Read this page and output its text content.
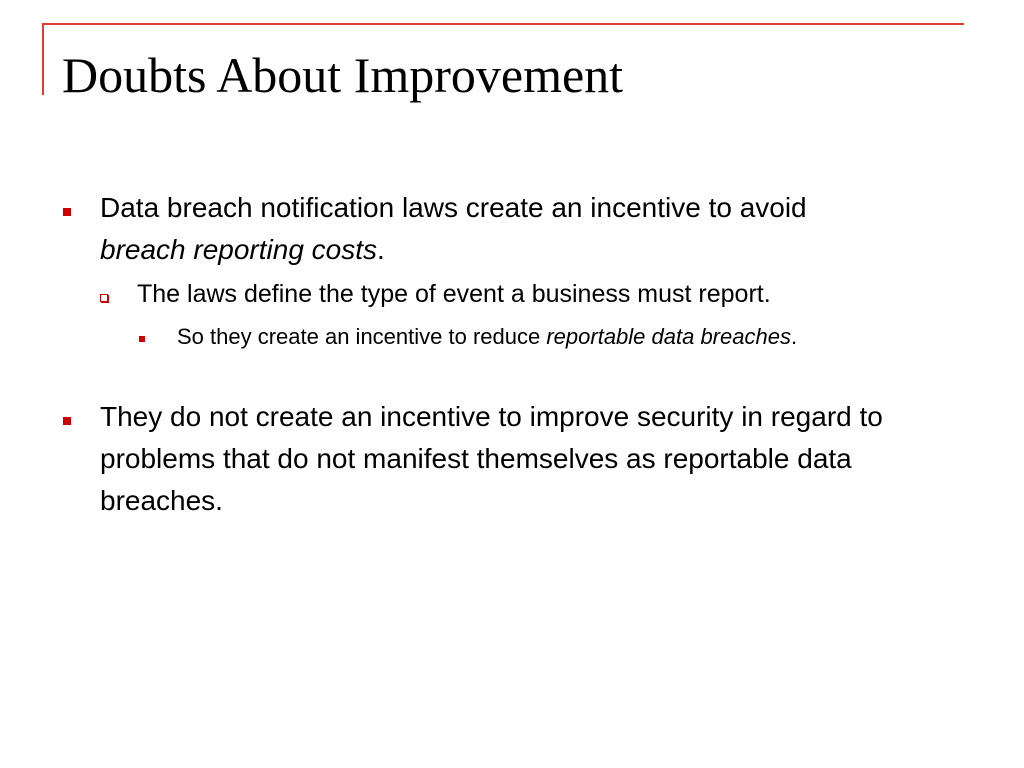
Doubts About Improvement

Data breach notification laws create an incentive to avoid
breach reporting costs.

The laws define the type of event a business must report.

So they create an incentive to reduce reportable data breaches.

They do not create an incentive to improve security in regard to problems that do not manifest themselves as reportable data breaches.
